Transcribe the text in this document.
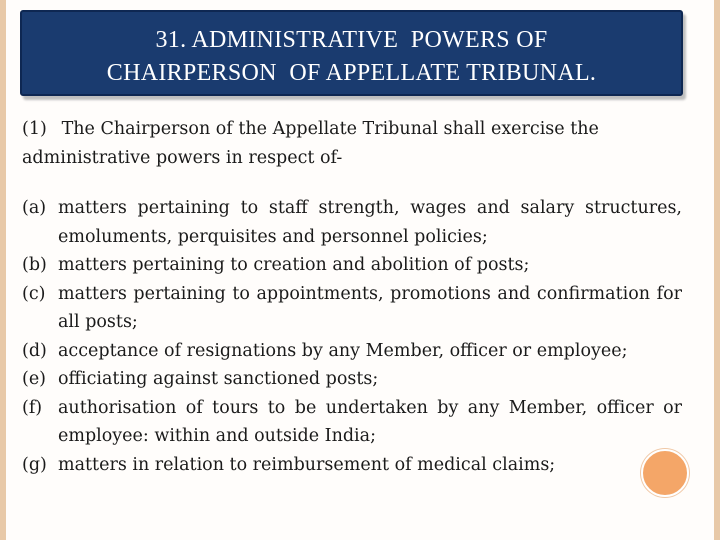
31. ADMINISTRATIVE  POWERS OF
CHAIRPERSON  OF APPELLATE TRIBUNAL.
(1) The Chairperson of the Appellate Tribunal shall exercise the administrative powers in respect of-
(a) matters pertaining to staff strength, wages and salary structures, emoluments, perquisites and personnel policies;
(b) matters pertaining to creation and abolition of posts;
(c) matters pertaining to appointments, promotions and confirmation for all posts;
(d) acceptance of resignations by any Member, officer or employee;
(e) officiating against sanctioned posts;
(f) authorisation of tours to be undertaken by any Member, officer or employee: within and outside India;
(g) matters in relation to reimbursement of medical claims;
